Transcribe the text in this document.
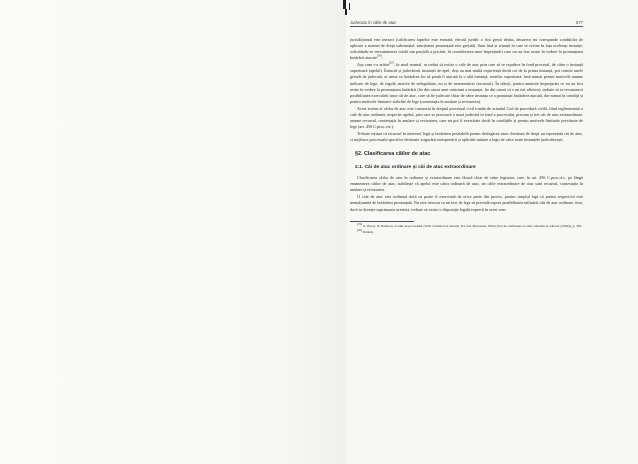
Judecata în căile de atac	577

jurisdicțional este inexact (calificarea faptelor este eronată; efectul juridic a fost greșit dedus, deoarece nu corespunde condițiilor de aplicare a normei de drept substanțial; sancțiunea pronunțată este greșită). Sunt însă și situații în care se revine în fața aceleiași instanțe, solicitându-se reexaminarea totală sau parțială a pricinii, în considerarea unor împrejurări care nu au fost avute în vedere la pronunțarea hotărârii atacate[19].

Așa cum s-a arătat[20], în mod normal, ar trebui să existe o cale de atac prin care să se rejudece în fond procesul, de către o instanță superioară (apelul). Întrucât și judecătorii instanței de apel, deși au mai multă experiență decât cei de la prima instanță, pot comite unele greșeli de judecată, ar urma ca hotărârea lor să poată fi atacată la o altă instanță, ierarhic superioară, însă numai pentru motivele anume indicate de lege, de regulă, motive de nelegalitate, nu și de netemeinicie (recursul). În sfârșit, pentru anumite împrejurări ce nu au fost avute în vedere la pronunțarea hotărârii (fie din cauza unei omisiuni a instanței, fie din cauză că s-au ivit ulterior), trebuie să se recunoască posibilitatea exercitării unor căi de atac, care să fie judecate chiar de către instanța ce a pronunțat hotărârea atacată, dar numai în condiții și pentru motivele limitativ stabilite de lege (contestația în anulare și revizuirea).

Acest sistem al căilor de atac este consacrat în dreptul procesual civil român de actualul Cod de procedură civilă, fiind reglementată o cale de atac ordinară, respectiv apelul, prin care se provoacă o nouă judecată în fond a procesului, precum și trei căi de atac extraordinare, anume recursul, contestația în anulare și revizuirea, care nu pot fi exercitate decât în condițiile și pentru motivele limitativ prevăzute de lege (art. 456 C.proc.civ.).

Trebuie reținut că recursul în interesul legii și hotărârea prealabilă pentru dezlegarea unor chestiuni de drept nu reprezintă căi de atac, ci mijloace procesuale specifice destinate asigurării interpretării și aplicării unitare a legii de către toate instanțele judecătorești.

§2. Clasificarea căilor de atac
2.1. Căi de atac ordinare și căi de atac extraordinare

Clasificarea căilor de atac în ordinare și extraordinare este făcută chiar de către legiuitor, care, în art. 456 C.proc.civ., pe lângă enumerarea căilor de atac, stabilește că apelul este calea ordinară de atac, iar căile extraordinare de atac sunt recursul, contestația în anulare și revizuirea.

O cale de atac este ordinară dacă ea poate fi exercitată de orice parte din proces, pentru simplul fapt că partea respectivă este nemulțumită de hotărârea pronunțată. Nu este necesar ca un text de lege să prevadă expres posibilitatea utilizării căii de atac ordinare, însă, dacă se dorește suprimarea acesteia, trebuie să existe o dispoziție legală expresă în acest sens.

[19] G. Boroi, D. Rădescu, Codul de procedură civilă comentat și adnotat, Ed. All, București, 1994 (citat în continuare Codul comentat și adnotat (1994)), p. 392.

[20] Ibidem.
